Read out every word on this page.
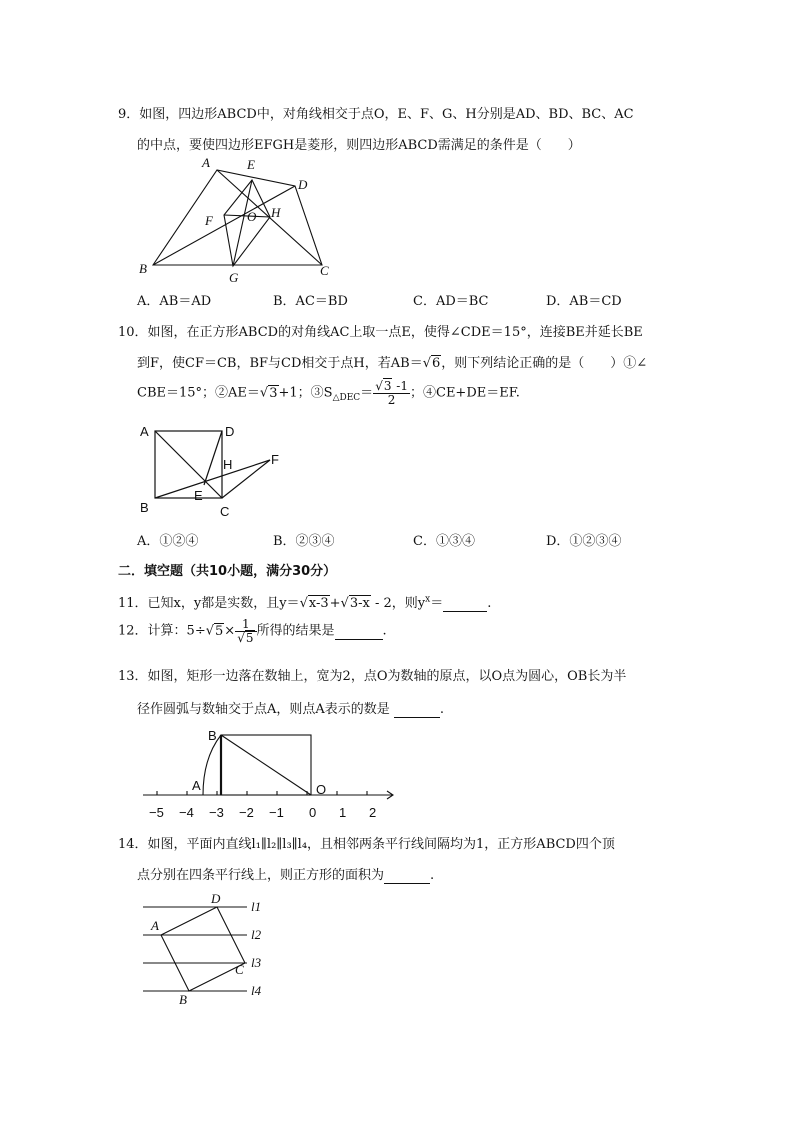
9．如图，四边形ABCD中，对角线相交于点O，E、F、G、H分别是AD、BD、BC、AC
的中点，要使四边形EFGH是菱形，则四边形ABCD需满足的条件是（　　）
A	E
D
F	O H
B
G	C
A．AB＝AD	B．AC＝BD	C．AD＝BC	D．AB＝CD
10．如图，在正方形ABCD的对角线AC上取一点E，使得∠CDE＝15°，连接BE并延长BE
到F，使CF＝CB，BF与CD相交于点H，若AB＝√6，则下列结论正确的是（　　）①∠
CBE＝15°；②AE＝√3+1；$③S_{\triangle DEC}= \frac{√3 -1}{2}$ ；④CE+DE＝EF.
A	D
H	F
B
E
C
A．①②④	B．②③④	C．①③④	D．①②③④
二．填空题（共10小题，满分30分）
11．已知x，y都是实数，且y＝√x-3+√3-x - 2，则$y^x=$	.
12．计算：$5\div√5\times \frac{1}{√5}$ 所得的结果是	.
13．如图，矩形一边落在数轴上，宽为2，点O为数轴的原点，以O点为圆心，OB长为半
径作圆弧与数轴交于点A，则点A表示的数是	.
B
A	O
−5 −4 −3 −2 −1 0 1 2
14．如图，平面内直线l₁∥l₂∥l₃∥l₄，且相邻两条平行线间隔均为1，正方形ABCD四个顶
点分别在四条平行线上，则正方形的面积为	.
D
A
C
B
l1
l2
l3
l4
